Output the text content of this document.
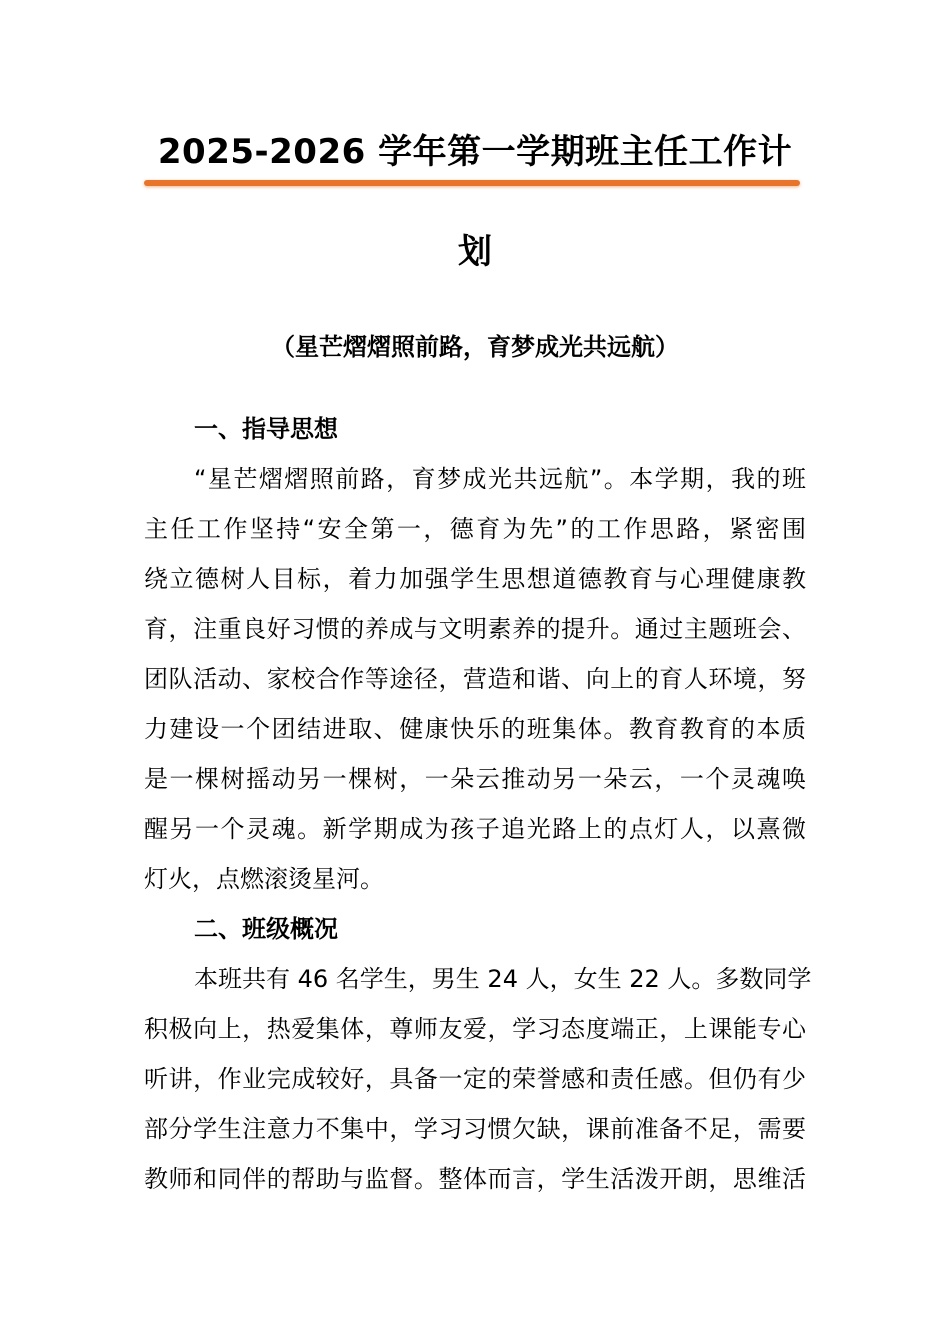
2025-2026 学年第一学期班主任工作计
划
（星芒熠熠照前路，育梦成光共远航）
一、指导思想
“星芒熠熠照前路，育梦成光共远航”。本学期，我的班
主任工作坚持“安全第一，德育为先”的工作思路，紧密围
绕立德树人目标，着力加强学生思想道德教育与心理健康教
育，注重良好习惯的养成与文明素养的提升。通过主题班会、
团队活动、家校合作等途径，营造和谐、向上的育人环境，努
力建设一个团结进取、健康快乐的班集体。教育教育的本质
是一棵树摇动另一棵树，一朵云推动另一朵云，一个灵魂唤
醒另一个灵魂。新学期成为孩子追光路上的点灯人，以熹微
灯火，点燃滚烫星河。
二、班级概况
本班共有 46 名学生，男生 24 人，女生 22 人。多数同学
积极向上，热爱集体，尊师友爱，学习态度端正，上课能专心
听讲，作业完成较好，具备一定的荣誉感和责任感。但仍有少
部分学生注意力不集中，学习习惯欠缺，课前准备不足，需要
教师和同伴的帮助与监督。整体而言，学生活泼开朗，思维活
